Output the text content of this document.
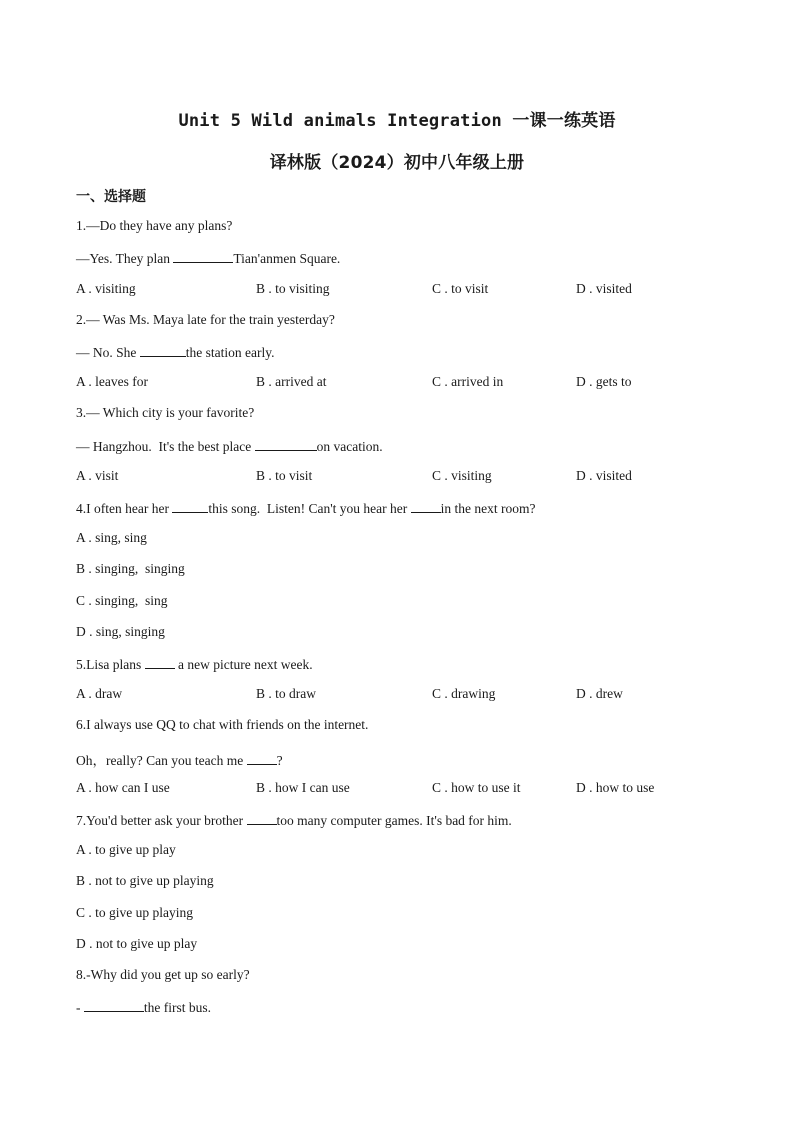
Unit 5 Wild animals Integration 一课一练英语
译林版（2024）初中八年级上册
一、选择题
1.—Do they have any plans?
—Yes. They plan	Tian'anmen Square.
A . visiting	B . to visiting	C . to visit	D . visited
2.— Was Ms. Maya late for the train yesterday?
— No. She	the station early.
A . leaves for	B . arrived at	C . arrived in	D . gets to
3.— Which city is your favorite?
— Hangzhou.  It's the best place	on vacation.
A . visit	B . to visit	C . visiting	D . visited
4.I often hear her	this song.  Listen! Can't you hear her in the next room?
A . sing, sing
B . singing,  singing
C . singing,  sing
D . sing, singing
5.Lisa plans  a new picture next week.
A . draw	B . to draw	C . drawing	D . drew
6.I always use QQ to chat with friends on the internet.
Oh，really? Can you teach me ?
A . how can I use	B . how I can use	C . how to use it	D . how to use
7.You'd better ask your brother too many computer games. It's bad for him.
A . to give up play
B . not to give up playing
C . to give up playing
D . not to give up play
8.-Why did you get up so early?
-	the first bus.
